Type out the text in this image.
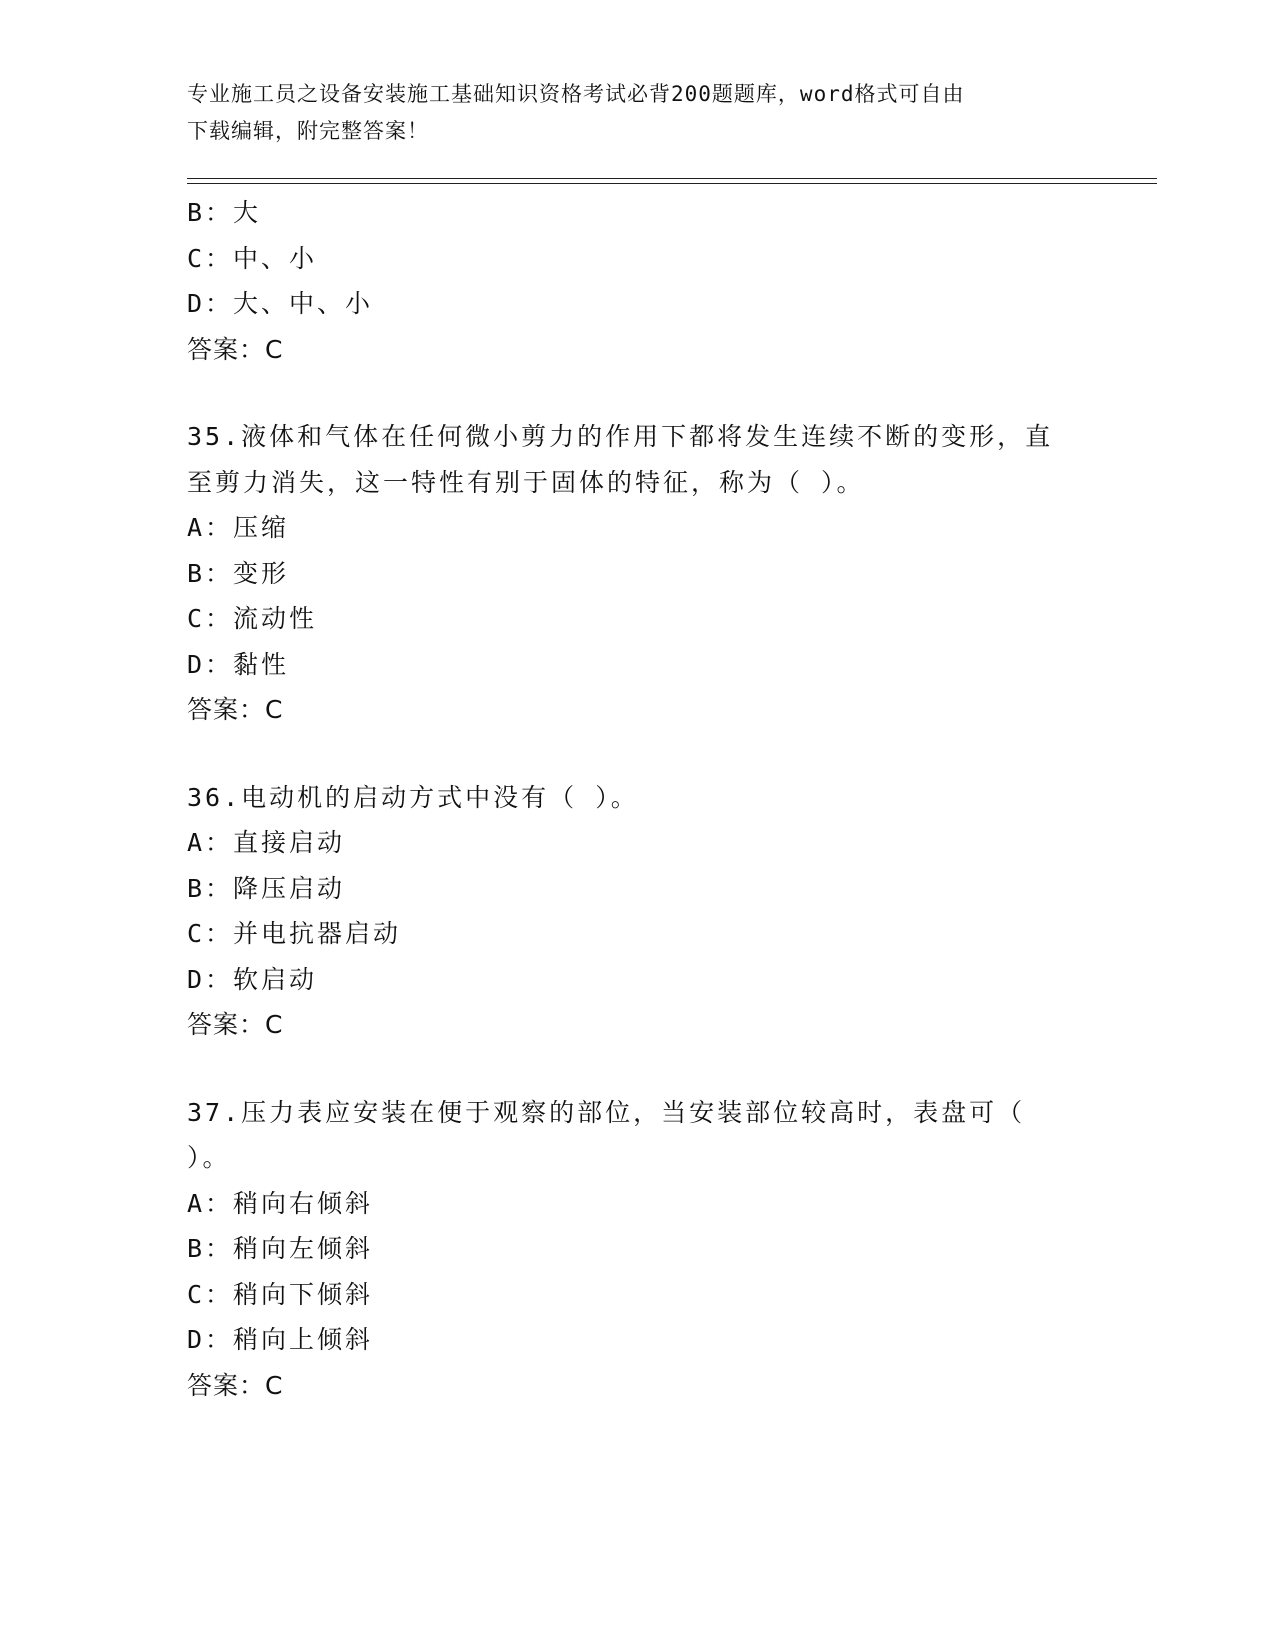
专业施工员之设备安装施工基础知识资格考试必背200题题库，word格式可自由
下载编辑，附完整答案！
B：大
C：中、小
D：大、中、小
答案：C
35.液体和气体在任何微小剪力的作用下都将发生连续不断的变形，直
至剪力消失，这一特性有别于固体的特征，称为（ ）。
A：压缩
B：变形
C：流动性
D：黏性
答案：C
36.电动机的启动方式中没有（ ）。
A：直接启动
B：降压启动
C：并电抗器启动
D：软启动
答案：C
37.压力表应安装在便于观察的部位，当安装部位较高时，表盘可（
）。
A：稍向右倾斜
B：稍向左倾斜
C：稍向下倾斜
D：稍向上倾斜
答案：C
